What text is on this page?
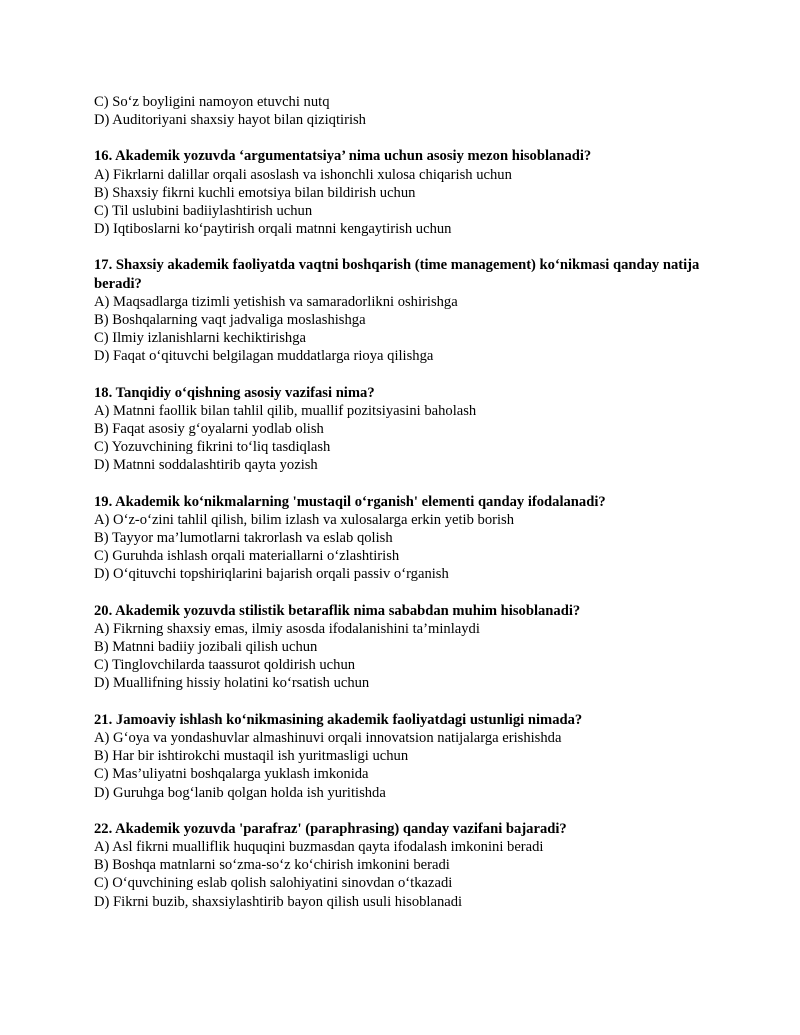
C) So‘z boyligini namoyon etuvchi nutq
D) Auditoriyani shaxsiy hayot bilan qiziqtirish
16. Akademik yozuvda ‘argumentatsiya’ nima uchun asosiy mezon hisoblanadi?
A) Fikrlarni dalillar orqali asoslash va ishonchli xulosa chiqarish uchun
B) Shaxsiy fikrni kuchli emotsiya bilan bildirish uchun
C) Til uslubini badiiylashtirish uchun
D) Iqtiboslarni ko‘paytirish orqali matnni kengaytirish uchun
17. Shaxsiy akademik faoliyatda vaqtni boshqarish (time management) ko‘nikmasi qanday natija beradi?
A) Maqsadlarga tizimli yetishish va samaradorlikni oshirishga
B) Boshqalarning vaqt jadvaliga moslashishga
C) Ilmiy izlanishlarni kechiktirishga
D) Faqat o‘qituvchi belgilagan muddatlarga rioya qilishga
18. Tanqidiy o‘qishning asosiy vazifasi nima?
A) Matnni faollik bilan tahlil qilib, muallif pozitsiyasini baholash
B) Faqat asosiy g‘oyalarni yodlab olish
C) Yozuvchining fikrini to‘liq tasdiqlash
D) Matnni soddalashtirib qayta yozish
19. Akademik ko‘nikmalarning 'mustaqil o‘rganish' elementi qanday ifodalanadi?
A) O‘z-o‘zini tahlil qilish, bilim izlash va xulosalarga erkin yetib borish
B) Tayyor ma’lumotlarni takrorlash va eslab qolish
C) Guruhda ishlash orqali materiallarni o‘zlashtirish
D) O‘qituvchi topshiriqlarini bajarish orqali passiv o‘rganish
20. Akademik yozuvda stilistik betaraflik nima sababdan muhim hisoblanadi?
A) Fikrning shaxsiy emas, ilmiy asosda ifodalanishini ta’minlaydi
B) Matnni badiiy jozibali qilish uchun
C) Tinglovchilarda taassurot qoldirish uchun
D) Muallifning hissiy holatini ko‘rsatish uchun
21. Jamoaviy ishlash ko‘nikmasining akademik faoliyatdagi ustunligi nimada?
A) G‘oya va yondashuvlar almashinuvi orqali innovatsion natijalarga erishishda
B) Har bir ishtirokchi mustaqil ish yuritmasligi uchun
C) Mas’uliyatni boshqalarga yuklash imkonida
D) Guruhga bog‘lanib qolgan holda ish yuritishda
22. Akademik yozuvda 'parafraz' (paraphrasing) qanday vazifani bajaradi?
A) Asl fikrni mualliflik huquqini buzmasdan qayta ifodalash imkonini beradi
B) Boshqa matnlarni so‘zma-so‘z ko‘chirish imkonini beradi
C) O‘quvchining eslab qolish salohiyatini sinovdan o‘tkazadi
D) Fikrni buzib, shaxsiylashtirib bayon qilish usuli hisoblanadi
